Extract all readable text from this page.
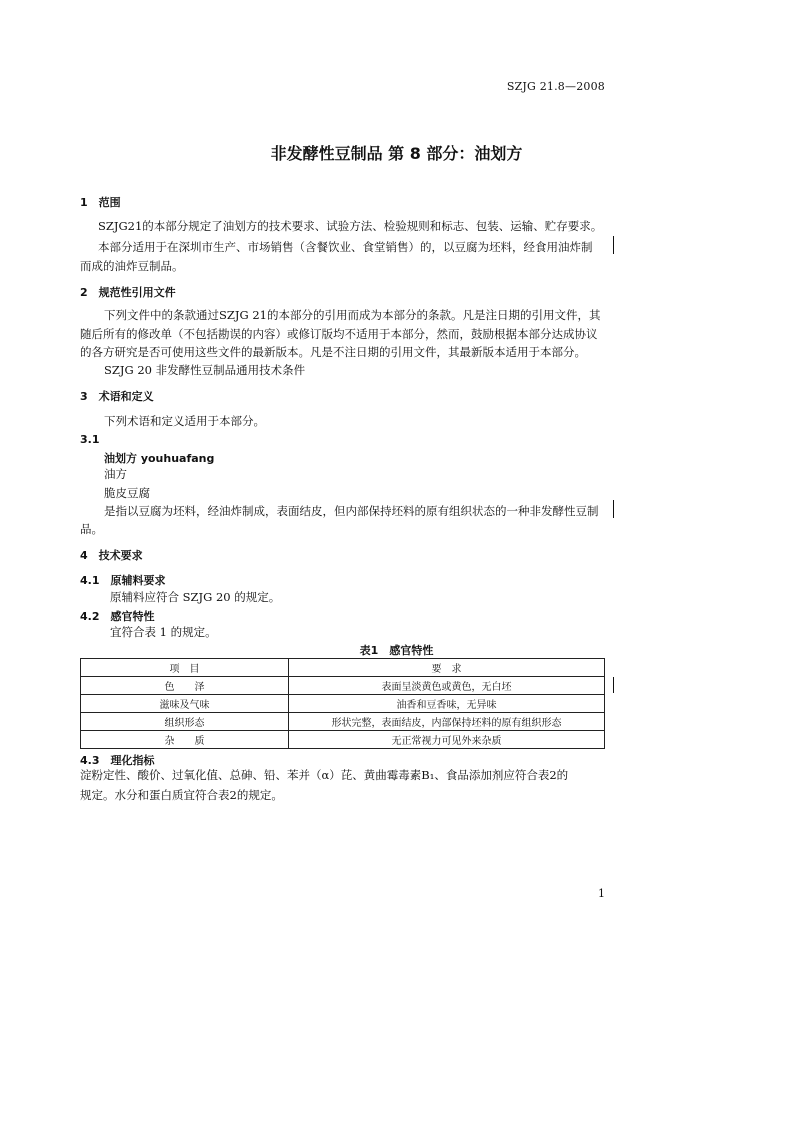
SZJG 21.8—2008
非发酵性豆制品 第 8 部分：油划方
1　范围
SZJG21的本部分规定了油划方的技术要求、试验方法、检验规则和标志、包装、运输、贮存要求。
本部分适用于在深圳市生产、市场销售（含餐饮业、食堂销售）的，以豆腐为坯料，经食用油炸制
而成的油炸豆制品。
2　规范性引用文件
下列文件中的条款通过SZJG 21的本部分的引用而成为本部分的条款。凡是注日期的引用文件，其
随后所有的修改单（不包括勘误的内容）或修订版均不适用于本部分，然而，鼓励根据本部分达成协议
的各方研究是否可使用这些文件的最新版本。凡是不注日期的引用文件，其最新版本适用于本部分。
SZJG 20 非发酵性豆制品通用技术条件
3　术语和定义
下列术语和定义适用于本部分。
3.1
油划方 youhuafang
油方
脆皮豆腐
是指以豆腐为坯料，经油炸制成，表面结皮，但内部保持坯料的原有组织状态的一种非发酵性豆制
品。
4　技术要求
4.1　原辅料要求
原辅料应符合 SZJG 20 的规定。
4.2　感官特性
宜符合表 1 的规定。
表1　感官特性
项　目	要　求
色　　泽	表面呈淡黄色或黄色，无白坯
滋味及气味	油香和豆香味，无异味
组织形态	形状完整，表面结皮，内部保持坯料的原有组织形态
杂　　质	无正常视力可见外来杂质
4.3　理化指标
淀粉定性、酸价、过氧化值、总砷、铅、苯并（α）芘、黄曲霉毒素B₁、食品添加剂应符合表2的
规定。水分和蛋白质宜符合表2的规定。
1
